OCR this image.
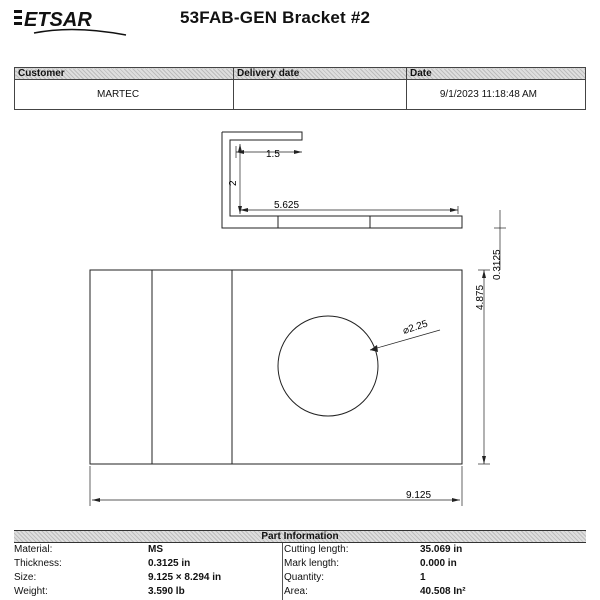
ETSAR	53FAB-GEN Bracket #2
Customer	Delivery date	Date
MARTEC		9/1/2023 11:18:48 AM
1.5
2
5.625
0.3125
4.875
⌀2.25
9.125
Part Information
Material:	MS	Cutting length:	35.069 in
Thickness:	0.3125 in	Mark length:	0.000 in
Size:	9.125 × 8.294 in	Quantity:	1
Weight:	3.590 lb	Area:	40.508 In²
